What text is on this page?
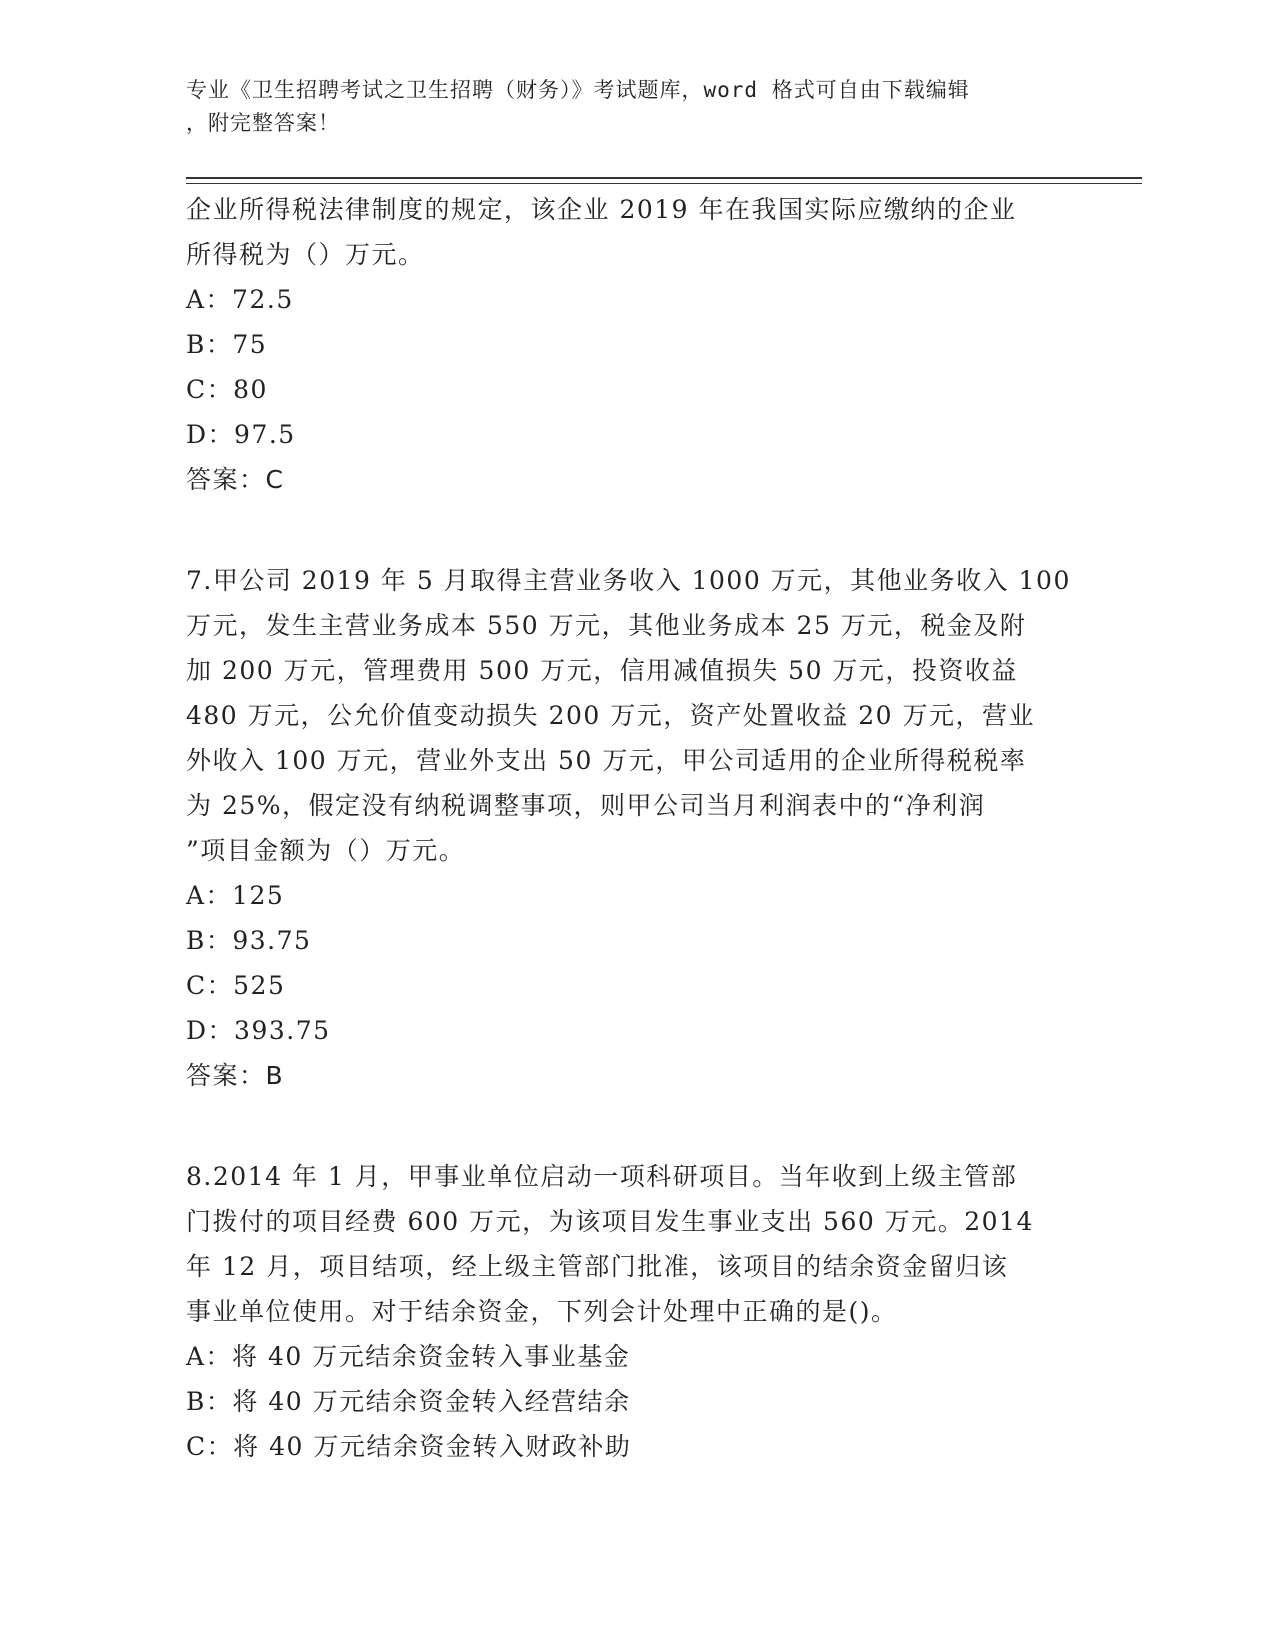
专业《卫生招聘考试之卫生招聘（财务）》考试题库，word 格式可自由下载编辑
，附完整答案！
企业所得税法律制度的规定，该企业 2019 年在我国实际应缴纳的企业
所得税为（）万元。
A：72.5
B：75
C：80
D：97.5
答案：C
7.甲公司 2019 年 5 月取得主营业务收入 1000 万元，其他业务收入 100
万元，发生主营业务成本 550 万元，其他业务成本 25 万元，税金及附
加 200 万元，管理费用 500 万元，信用减值损失 50 万元，投资收益
480 万元，公允价值变动损失 200 万元，资产处置收益 20 万元，营业
外收入 100 万元，营业外支出 50 万元，甲公司适用的企业所得税税率
为 25%，假定没有纳税调整事项，则甲公司当月利润表中的“净利润
”项目金额为（）万元。
A：125
B：93.75
C：525
D：393.75
答案：B
8.2014 年 1 月，甲事业单位启动一项科研项目。当年收到上级主管部
门拨付的项目经费 600 万元，为该项目发生事业支出 560 万元。2014
年 12 月，项目结项，经上级主管部门批准，该项目的结余资金留归该
事业单位使用。对于结余资金，下列会计处理中正确的是()。
A：将 40 万元结余资金转入事业基金
B：将 40 万元结余资金转入经营结余
C：将 40 万元结余资金转入财政补助
